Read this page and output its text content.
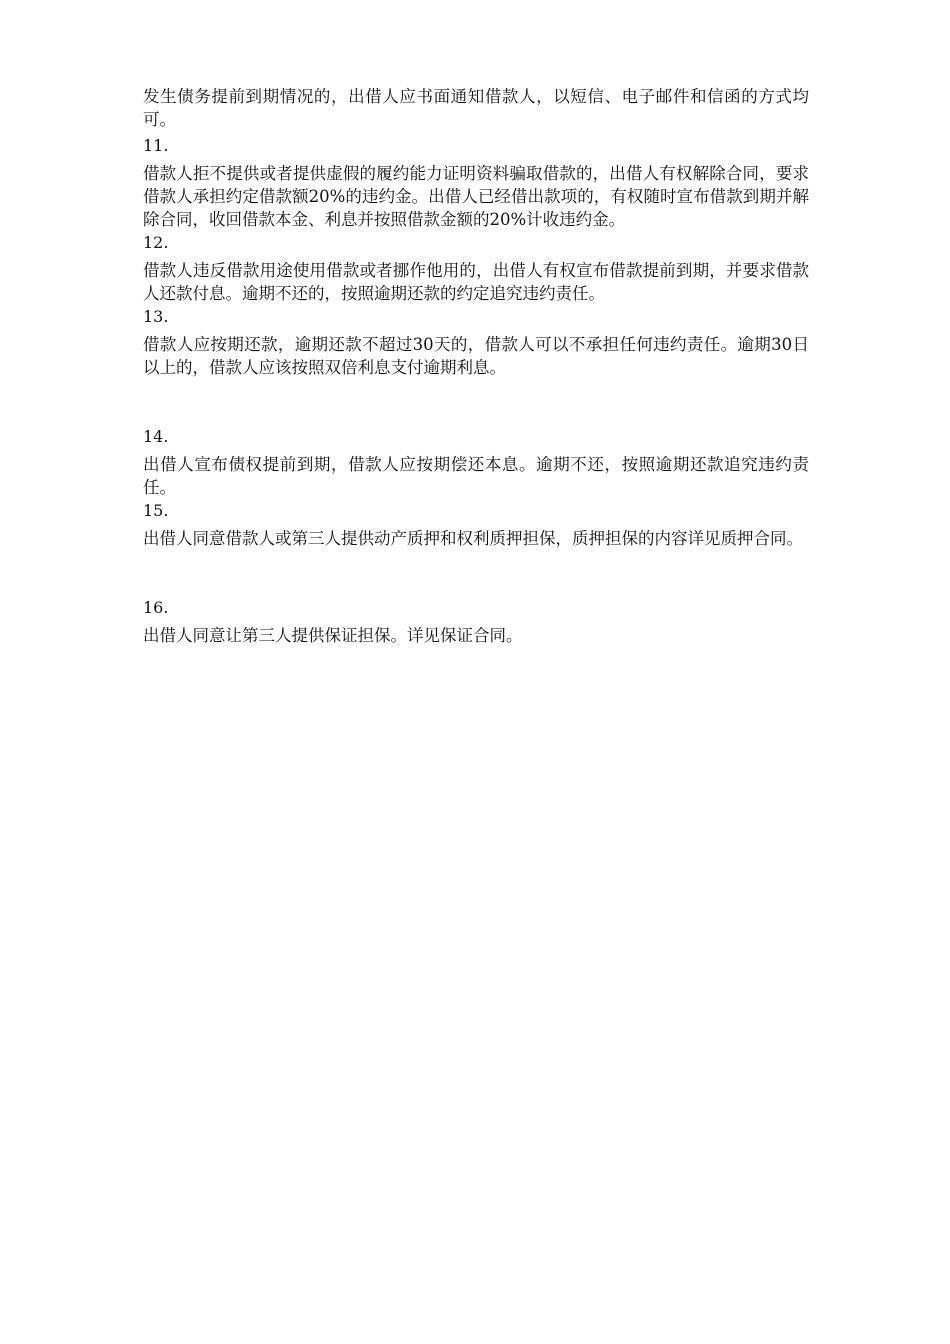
发生债务提前到期情况的，出借人应书面通知借款人，以短信、电子邮件和信函的方式均可。

11.

借款人拒不提供或者提供虚假的履约能力证明资料骗取借款的，出借人有权解除合同，要求借款人承担约定借款额20%的违约金。出借人已经借出款项的，有权随时宣布借款到期并解除合同，收回借款本金、利息并按照借款金额的20%计收违约金。

12.

借款人违反借款用途使用借款或者挪作他用的，出借人有权宣布借款提前到期，并要求借款人还款付息。逾期不还的，按照逾期还款的约定追究违约责任。

13.

借款人应按期还款，逾期还款不超过30天的，借款人可以不承担任何违约责任。逾期30日以上的，借款人应该按照双倍利息支付逾期利息。

14.

出借人宣布债权提前到期，借款人应按期偿还本息。逾期不还，按照逾期还款追究违约责任。

15.

出借人同意借款人或第三人提供动产质押和权利质押担保，质押担保的内容详见质押合同。

16.

出借人同意让第三人提供保证担保。详见保证合同。
